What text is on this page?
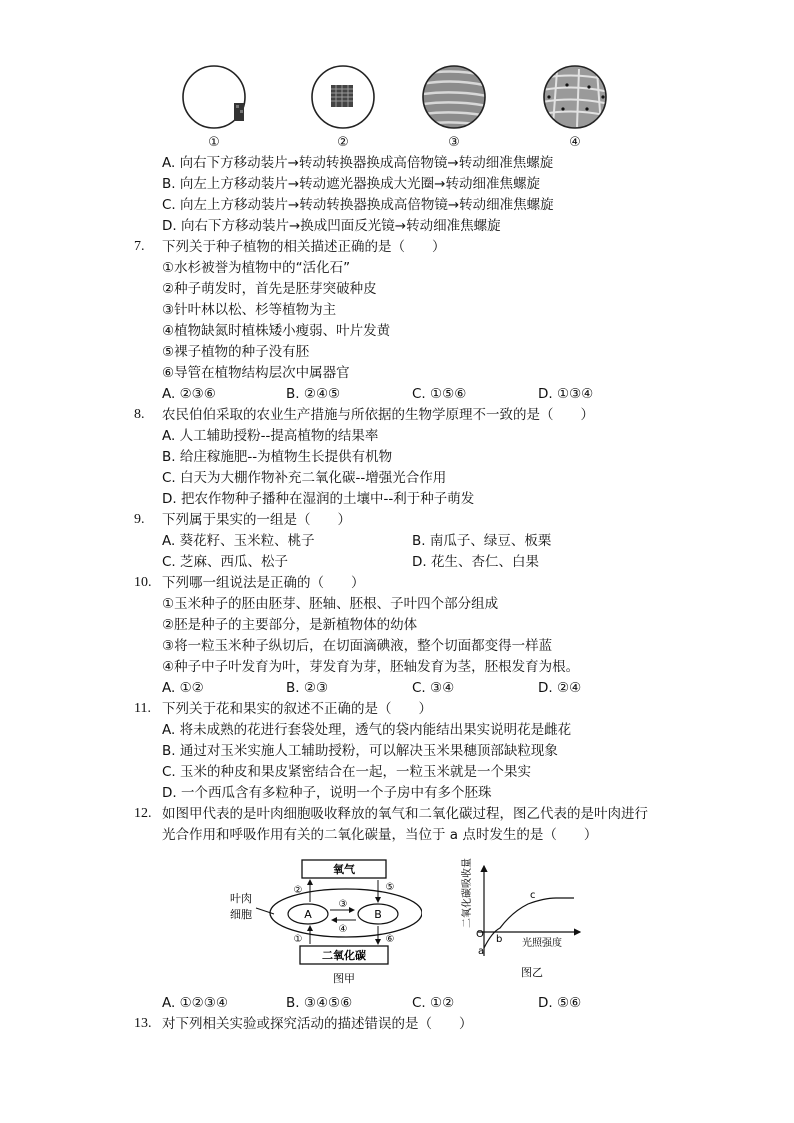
①	②	③	④
A. 向右下方移动装片→转动转换器换成高倍物镜→转动细准焦螺旋
B. 向左上方移动装片→转动遮光器换成大光圈→转动细准焦螺旋
C. 向左上方移动装片→转动转换器换成高倍物镜→转动细准焦螺旋
D. 向右下方移动装片→换成凹面反光镜→转动细准焦螺旋
7. 下列关于种子植物的相关描述正确的是（　　）
①水杉被誉为植物中的“活化石”
②种子萌发时，首先是胚芽突破种皮
③针叶林以松、杉等植物为主
④植物缺氮时植株矮小瘦弱、叶片发黄
⑤裸子植物的种子没有胚
⑥导管在植物结构层次中属器官
A. ②③⑥	B. ②④⑤	C. ①⑤⑥	D. ①③④
8. 农民伯伯采取的农业生产措施与所依据的生物学原理不一致的是（　　）
A. 人工辅助授粉--提高植物的结果率
B. 给庄稼施肥--为植物生长提供有机物
C. 白天为大棚作物补充二氧化碳--增强光合作用
D. 把农作物种子播种在湿润的土壤中--利于种子萌发
9. 下列属于果实的一组是（　　）
A. 葵花籽、玉米粒、桃子	B. 南瓜子、绿豆、板栗
C. 芝麻、西瓜、松子	D. 花生、杏仁、白果
10. 下列哪一组说法是正确的（　　）
①玉米种子的胚由胚芽、胚轴、胚根、子叶四个部分组成
②胚是种子的主要部分，是新植物体的幼体
③将一粒玉米种子纵切后，在切面滴碘液，整个切面都变得一样蓝
④种子中子叶发育为叶，芽发育为芽，胚轴发育为茎，胚根发育为根。
A. ①②	B. ②③	C. ③④	D. ②④
11. 下列关于花和果实的叙述不正确的是（　　）
A. 将未成熟的花进行套袋处理，透气的袋内能结出果实说明花是雌花
B. 通过对玉米实施人工辅助授粉，可以解决玉米果穗顶部缺粒现象
C. 玉米的种皮和果皮紧密结合在一起，一粒玉米就是一个果实
D. 一个西瓜含有多粒种子，说明一个子房中有多个胚珠
12. 如图甲代表的是叶肉细胞吸收释放的氧气和二氧化碳过程，图乙代表的是叶肉进行
光合作用和呼吸作用有关的二氧化碳量，当位于 a 点时发生的是（　　）
氧气
二氧化碳
A	B
③
④
②
①
⑤
⑥
叶肉
细胞
图甲
二氧化碳吸收量
光照强度
O
a
b
c
图乙
A. ①②③④	B. ③④⑤⑥	C. ①②	D. ⑤⑥
13. 对下列相关实验或探究活动的描述错误的是（　　）
